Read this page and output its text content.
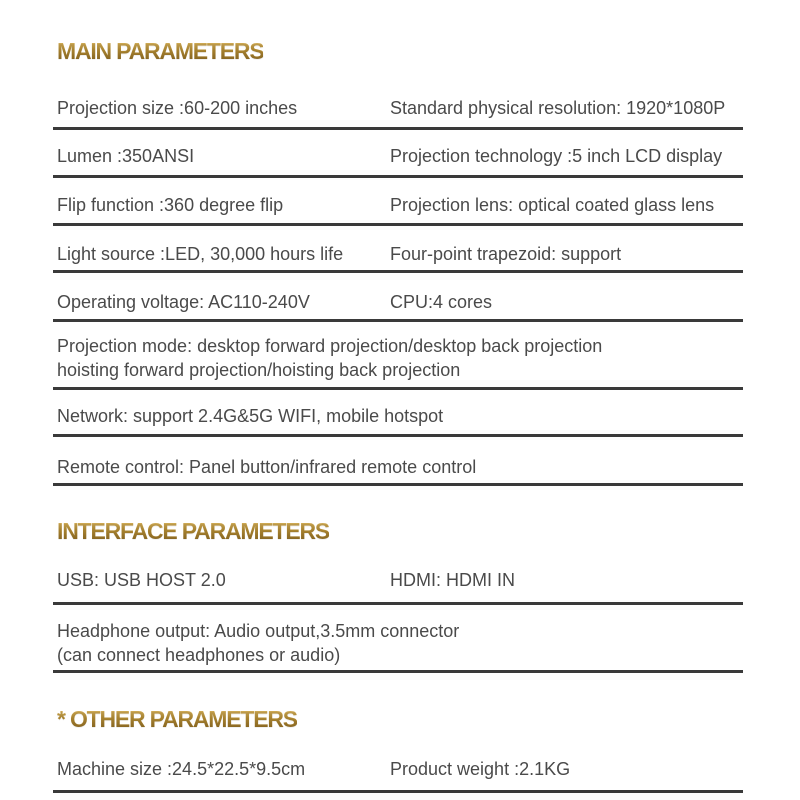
MAIN PARAMETERS
Projection size :60-200 inches	Standard physical resolution: 1920*1080P
Lumen :350ANSI	Projection technology :5 inch LCD display
Flip function :360 degree flip	Projection lens: optical coated glass lens
Light source :LED, 30,000 hours life	Four-point trapezoid: support
Operating voltage: AC110-240V	CPU:4 cores
Projection mode: desktop forward projection/desktop back projection
hoisting forward projection/hoisting back projection
Network: support 2.4G&5G WIFI, mobile hotspot
Remote control: Panel button/infrared remote control
INTERFACE PARAMETERS
USB: USB HOST 2.0	HDMI: HDMI IN
Headphone output: Audio output,3.5mm connector
(can connect headphones or audio)
* OTHER PARAMETERS
Machine size :24.5*22.5*9.5cm	Product weight :2.1KG
